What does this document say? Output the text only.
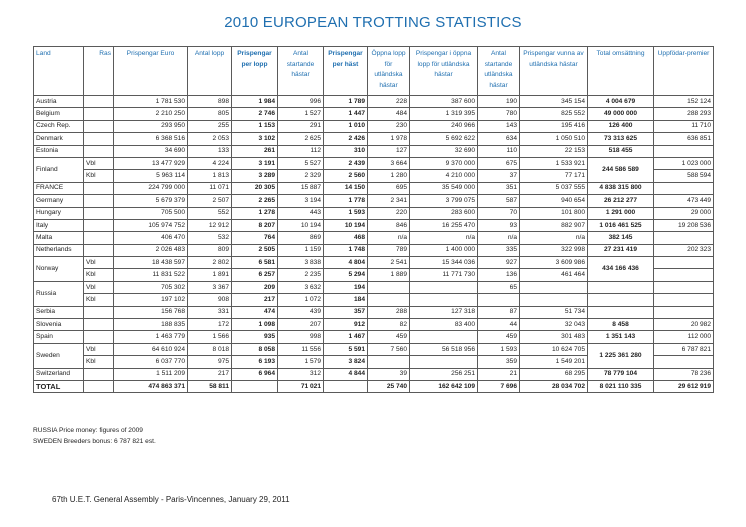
2010 EUROPEAN TROTTING STATISTICS
Land	Ras	Prispengar Euro	Antal lopp	Prispengar per lopp	Antal startande hästar	Prispengar per häst	Öppna lopp för utländska hästar	Prispengar i öppna lopp för utländska hästar	Antal startande utländska hästar	Prispengar vunna av utländska hästar	Total omsättning	Uppfödar-premier
Austria		1 781 530	898	1 984	996	1 789	228	387 600	190	345 154	4 004 679	152 124
Belgium		2 210 250	805	2 746	1 527	1 447	484	1 319 395	780	825 552	49 000 000	288 293
Czech Rep.		293 950	255	1 153	291	1 010	230	240 966	143	195 416	126 400	11 710
Denmark		6 368 516	2 053	3 102	2 625	2 426	1 978	5 692 622	634	1 050 510	73 313 625	636 851
Estonia		34 690	133	261	112	310	127	32 690	110	22 153	518 455	
Finland	Vbl	13 477 929	4 224	3 191	5 527	2 439	3 664	9 370 000	675	1 533 921	244 586 589	1 023 000
	Kbl	5 963 114	1 813	3 289	2 329	2 560	1 280	4 210 000	37	77 171		588 594
FRANCE		224 799 000	11 071	20 305	15 887	14 150	695	35 549 000	351	5 037 555	4 838 315 800	
Germany		5 679 379	2 507	2 265	3 194	1 778	2 341	3 799 075	587	940 654	26 212 277	473 449
Hungary		705 500	552	1 278	443	1 593	220	283 600	70	101 800	1 291 000	29 000
Italy		105 974 752	12 912	8 207	10 194	10 194	846	16 255 470	93	882 907	1 016 461 525	19 208 536
Malta		406 470	532	764	869	468	n/a	n/a	n/a	n/a	382 145	
Netherlands		2 026 483	809	2 505	1 159	1 748	789	1 400 000	335	322 998	27 231 419	202 323
Norway	Vbl	18 438 597	2 802	6 581	3 838	4 804	2 541	15 344 036	927	3 609 986	434 166 436	
	Kbl	11 831 522	1 891	6 257	2 235	5 294	1 889	11 771 730	136	461 464		
Russia	Vbl	705 302	3 367	209	3 632	194			65			
	Kbl	197 102	908	217	1 072	184						
Serbia		156 768	331	474	439	357	288	127 318	87	51 734		
Slovenia		188 835	172	1 098	207	912	82	83 400	44	32 043	8 458	20 982
Spain		1 463 779	1 566	935	998	1 467	459		459	301 483	1 351 143	112 000
Sweden	Vbl	64 610 924	8 018	8 058	11 556	5 591	7 560	56 518 956	1 593	10 624 705	1 225 361 280	6 787 821
	Kbl	6 037 770	975	6 193	1 579	3 824			359	1 549 201		
Switzerland		1 511 209	217	6 964	312	4 844	39	256 251	21	68 295	78 779 104	78 236
TOTAL		474 863 371	58 811		71 021		25 740	162 642 109	7 696	28 034 702	8 021 110 335	29 612 919
RUSSIA Price money: figures of 2009
SWEDEN Breeders bonus: 6 787 821 est.
67th U.E.T. General Assembly - Paris-Vincennes, January 29, 2011
